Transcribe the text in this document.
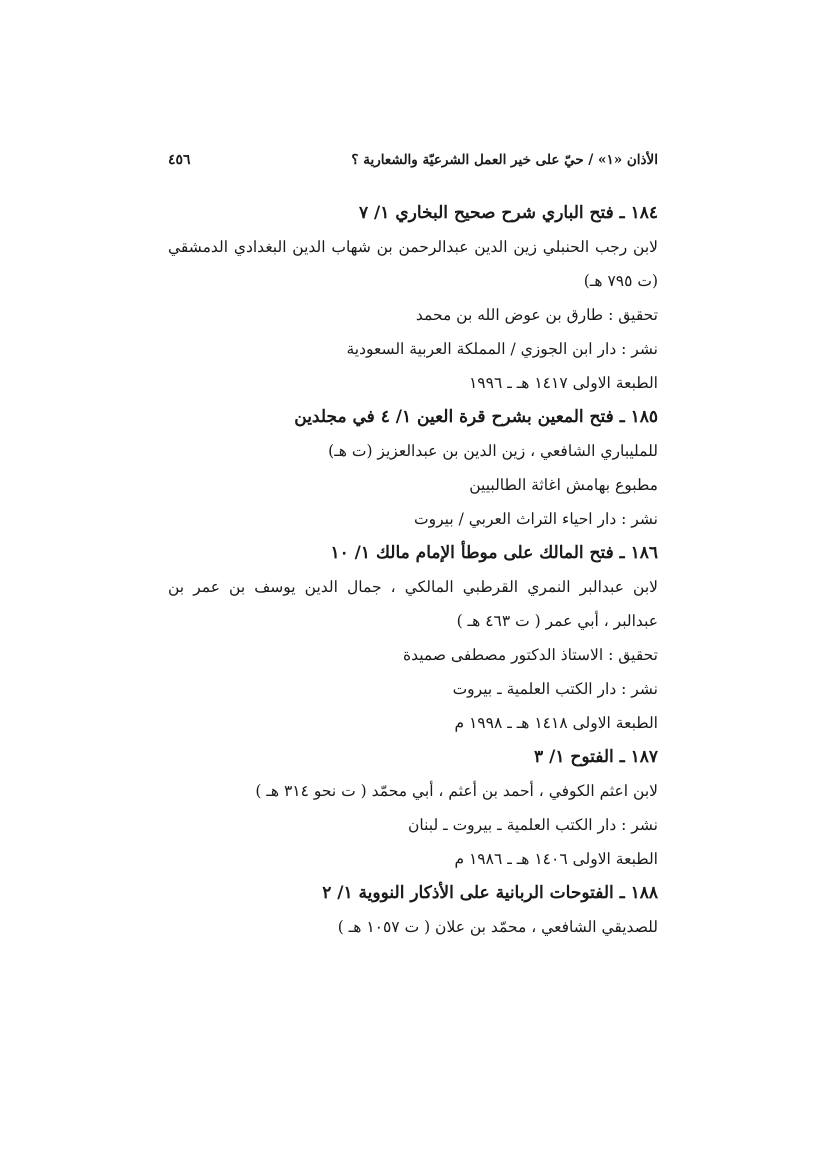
الأذان «١» / حيّ على خير العمل الشرعيّة والشعارية ؟
٤٥٦
١٨٤ ـ فتح الباري شرح صحيح البخاري ١/ ٧
لابن رجب الحنبلي زين الدين عبدالرحمن بن شهاب الدين البغدادي الدمشقي (ت ٧٩٥ هـ)
تحقيق : طارق بن عوض الله بن محمد
نشر : دار ابن الجوزي / المملكة العربية السعودية
الطبعة الاولى ١٤١٧ هـ ـ ١٩٩٦
١٨٥ ـ فتح المعين بشرح قرة العين ١/ ٤ في مجلدين
للمليباري الشافعي ، زين الدين بن عبدالعزيز (ت هـ)
مطبوع بهامش اغاثة الطالبيين
نشر : دار احياء التراث العربي / بيروت
١٨٦ ـ فتح المالك على موطأ الإمام مالك ١/ ١٠
لابن عبدالبر النمري القرطبي المالكي ، جمال الدين يوسف بن عمر بن عبدالبر ، أبي عمر ( ت ٤٦٣ هـ )
تحقيق : الاستاذ الدكتور مصطفى صميدة
نشر : دار الكتب العلمية ـ بيروت
الطبعة الاولى ١٤١٨ هـ ـ ١٩٩٨ م
١٨٧ ـ الفتوح ١/ ٣
لابن اعثم الكوفي ، أحمد بن أعثم ، أبي محمّد ( ت نحو ٣١٤ هـ )
نشر : دار الكتب العلمية ـ بيروت ـ لبنان
الطبعة الاولى ١٤٠٦ هـ ـ ١٩٨٦ م
١٨٨ ـ الفتوحات الربانية على الأذكار النووية ١/ ٢
للصديقي الشافعي ، محمّد بن علان ( ت ١٠٥٧ هـ )
